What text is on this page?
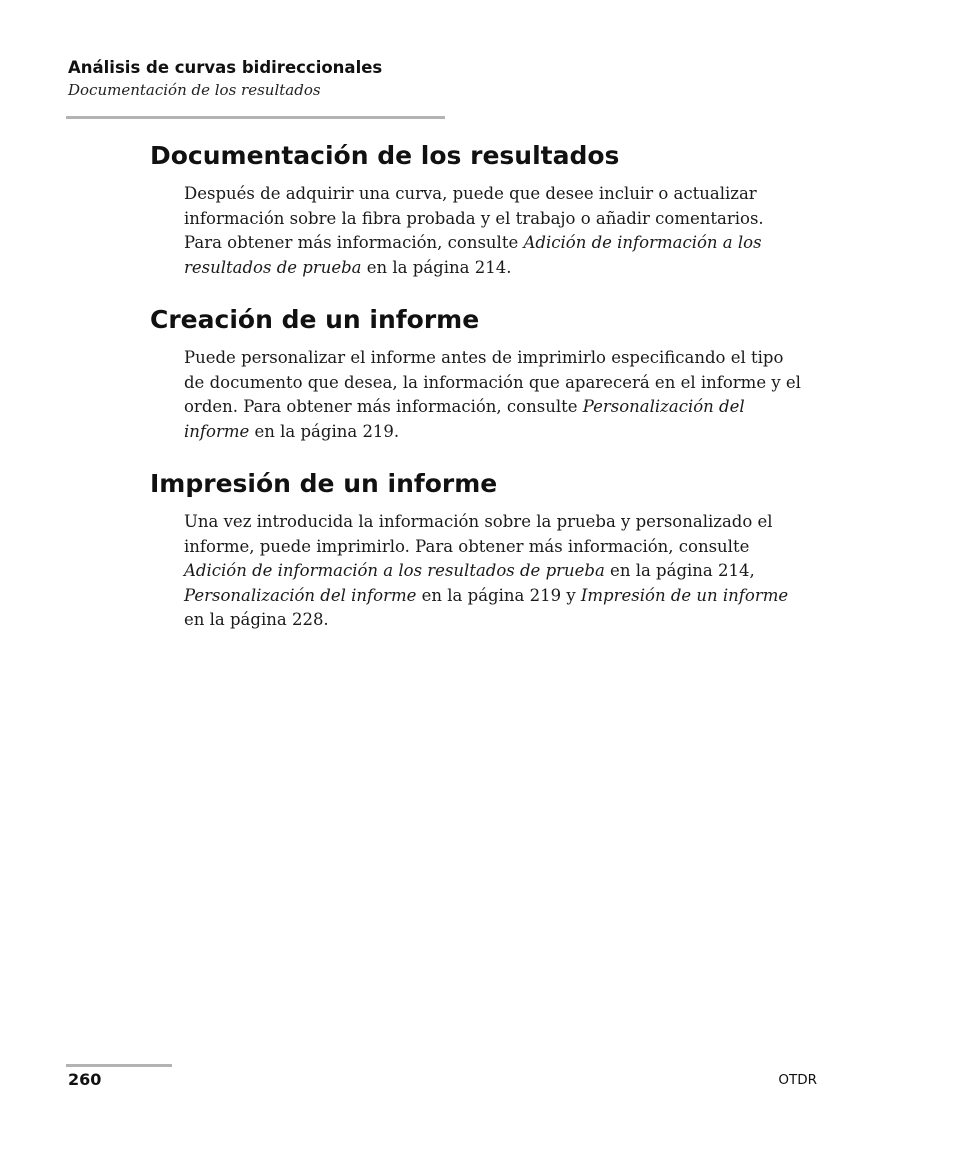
Análisis de curvas bidireccionales

Documentación de los resultados

Documentación de los resultados

Después de adquirir una curva, puede que desee incluir o actualizar información sobre la fibra probada y el trabajo o añadir comentarios. Para obtener más información, consulte Adición de información a los resultados de prueba en la página 214.

Creación de un informe

Puede personalizar el informe antes de imprimirlo especificando el tipo de documento que desea, la información que aparecerá en el informe y el orden. Para obtener más información, consulte Personalización del informe en la página 219.

Impresión de un informe

Una vez introducida la información sobre la prueba y personalizado el informe, puede imprimirlo. Para obtener más información, consulte Adición de información a los resultados de prueba en la página 214, Personalización del informe en la página 219 y Impresión de un informe en la página 228.

260	OTDR
